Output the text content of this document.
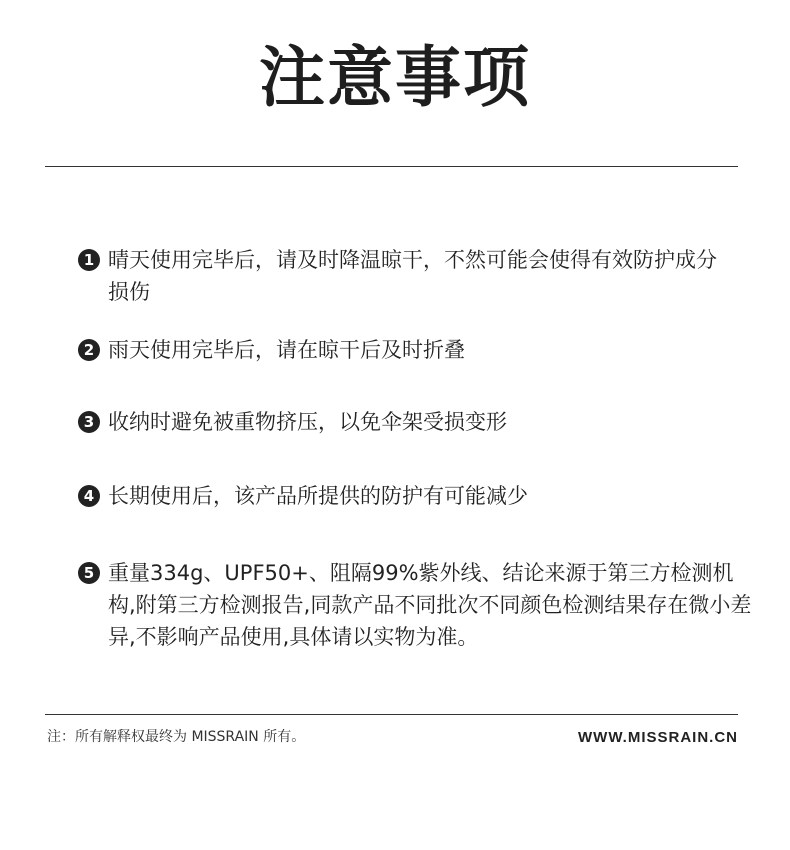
注意事项
1 晴天使用完毕后，请及时降温晾干，不然可能会使得有效防护成分损伤
2 雨天使用完毕后，请在晾干后及时折叠
3 收纳时避免被重物挤压，以免伞架受损变形
4 长期使用后，该产品所提供的防护有可能减少
5 重量334g、UPF50+、阻隔99%紫外线、结论来源于第三方检测机构,附第三方检测报告,同款产品不同批次不同颜色检测结果存在微小差异,不影响产品使用,具体请以实物为准。
注：所有解释权最终为 MISSRAIN 所有。	WWW.MISSRAIN.CN
